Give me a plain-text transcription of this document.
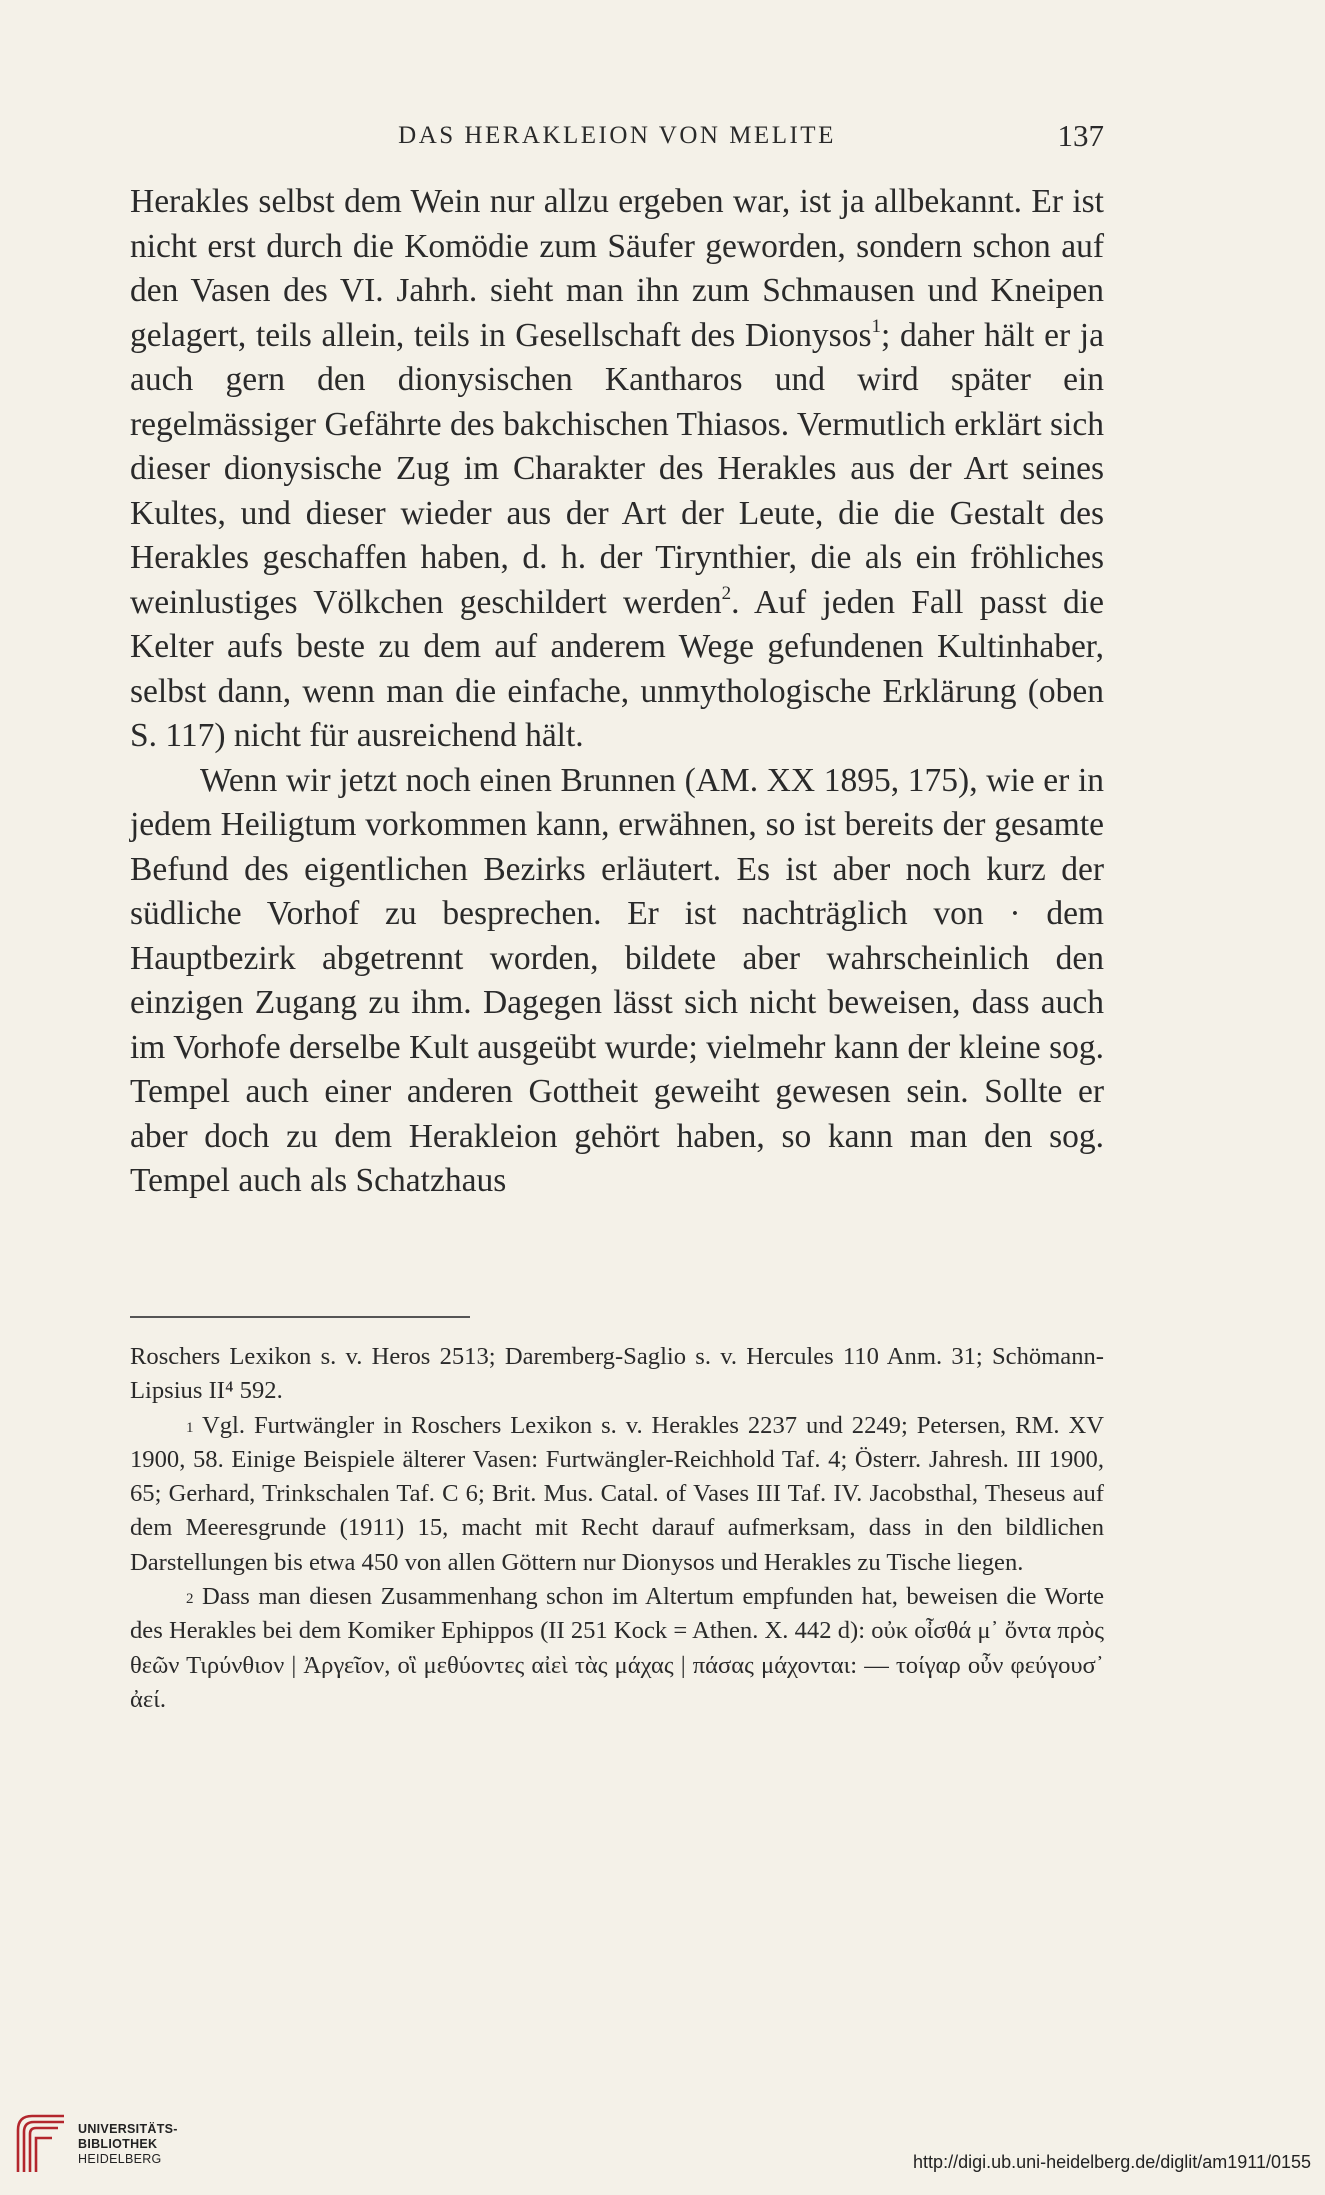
DAS HERAKLEION VON MELITE	137

Herakles selbst dem Wein nur allzu ergeben war, ist ja allbekannt. Er ist nicht erst durch die Komödie zum Säufer geworden, sondern schon auf den Vasen des VI. Jahrh. sieht man ihn zum Schmausen und Kneipen gelagert, teils allein, teils in Gesellschaft des Dionysos$^1$; daher hält er ja auch gern den dionysischen Kantharos und wird später ein regelmässiger Gefährte des bakchischen Thiasos. Vermutlich erklärt sich dieser dionysische Zug im Charakter des Herakles aus der Art seines Kultes, und dieser wieder aus der Art der Leute, die die Gestalt des Herakles geschaffen haben, d. h. der Tirynthier, die als ein fröhliches weinlustiges Völkchen geschildert werden$^2$. Auf jeden Fall passt die Kelter aufs beste zu dem auf anderem Wege gefundenen Kultinhaber, selbst dann, wenn man die einfache, unmythologische Erklärung (oben S. 117) nicht für ausreichend hält.

Wenn wir jetzt noch einen Brunnen (AM. XX 1895, 175), wie er in jedem Heiligtum vorkommen kann, erwähnen, so ist bereits der gesamte Befund des eigentlichen Bezirks erläutert. Es ist aber noch kurz der südliche Vorhof zu besprechen. Er ist nachträglich von · dem Hauptbezirk abgetrennt worden, bildete aber wahrscheinlich den einzigen Zugang zu ihm. Dagegen lässt sich nicht beweisen, dass auch im Vorhofe derselbe Kult ausgeübt wurde; vielmehr kann der kleine sog. Tempel auch einer anderen Gottheit geweiht gewesen sein. Sollte er aber doch zu dem Herakleion gehört haben, so kann man den sog. Tempel auch als Schatzhaus

Roschers Lexikon s. v. Heros 2513; Daremberg-Saglio s. v. Hercules 110 Anm. 31; Schömann-Lipsius II⁴ 592.

$^1$ Vgl. Furtwängler in Roschers Lexikon s. v. Herakles 2237 und 2249; Petersen, RM. XV 1900, 58. Einige Beispiele älterer Vasen: Furtwängler-Reichhold Taf. 4; Österr. Jahresh. III 1900, 65; Gerhard, Trinkschalen Taf. C 6; Brit. Mus. Catal. of Vases III Taf. IV. Jacobsthal, Theseus auf dem Meeresgrunde (1911) 15, macht mit Recht darauf aufmerksam, dass in den bildlichen Darstellungen bis etwa 450 von allen Göttern nur Dionysos und Herakles zu Tische liegen.

$^2$ Dass man diesen Zusammenhang schon im Altertum empfunden hat, beweisen die Worte des Herakles bei dem Komiker Ephippos (II 251 Kock = Athen. X. 442 d): οὐκ οἶσθά μ᾽ ὄντα πρὸς θεῶν Τιρύνθιον | Ἀργεῖον, οἳ μεθύοντες αἰεὶ τὰς μάχας | πάσας μάχονται: — τοίγαρ οὖν φεύγουσ᾽ ἀεί.

UNIVERSITÄTS-
BIBLIOTHEK
HEIDELBERG	http://digi.ub.uni-heidelberg.de/diglit/am1911/0155
